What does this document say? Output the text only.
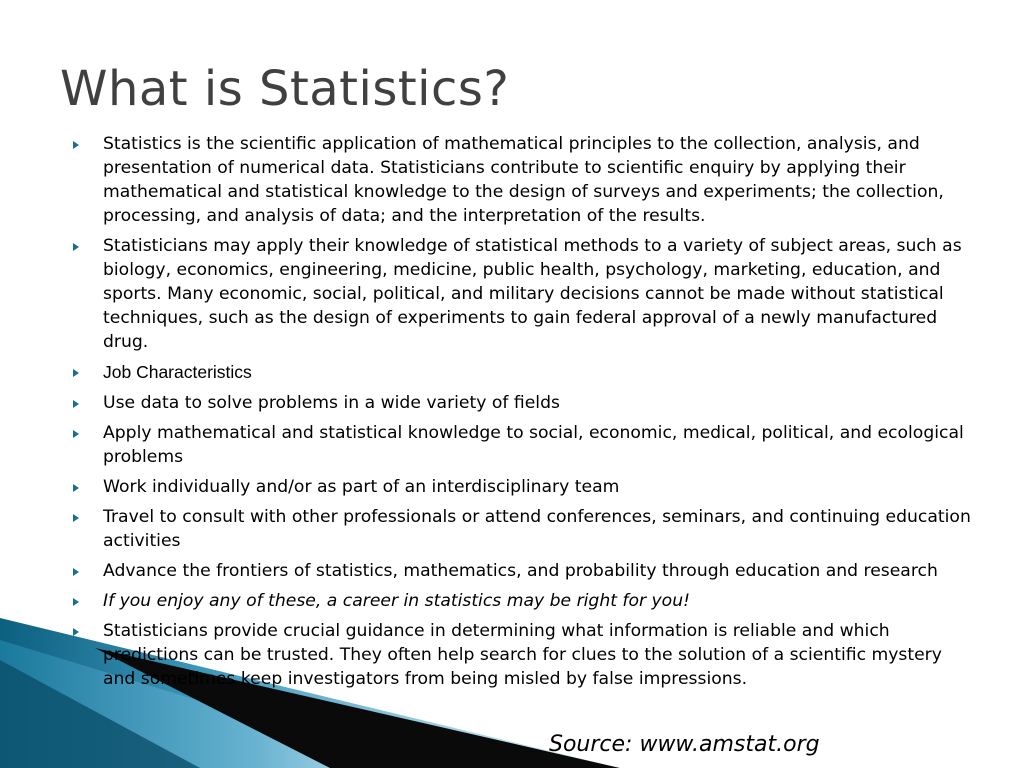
What is Statistics?
Statistics is the scientific application of mathematical principles to the collection, analysis, and presentation of numerical data. Statisticians contribute to scientific enquiry by applying their mathematical and statistical knowledge to the design of surveys and experiments; the collection, processing, and analysis of data; and the interpretation of the results.
Statisticians may apply their knowledge of statistical methods to a variety of subject areas, such as biology, economics, engineering, medicine, public health, psychology, marketing, education, and sports. Many economic, social, political, and military decisions cannot be made without statistical techniques, such as the design of experiments to gain federal approval of a newly manufactured drug.
Job Characteristics
Use data to solve problems in a wide variety of fields
Apply mathematical and statistical knowledge to social, economic, medical, political, and ecological problems
Work individually and/or as part of an interdisciplinary team
Travel to consult with other professionals or attend conferences, seminars, and continuing education activities
Advance the frontiers of statistics, mathematics, and probability through education and research
If you enjoy any of these, a career in statistics may be right for you!
Statisticians provide crucial guidance in determining what information is reliable and which predictions can be trusted. They often help search for clues to the solution of a scientific mystery and sometimes keep investigators from being misled by false impressions.

Source: www.amstat.org
